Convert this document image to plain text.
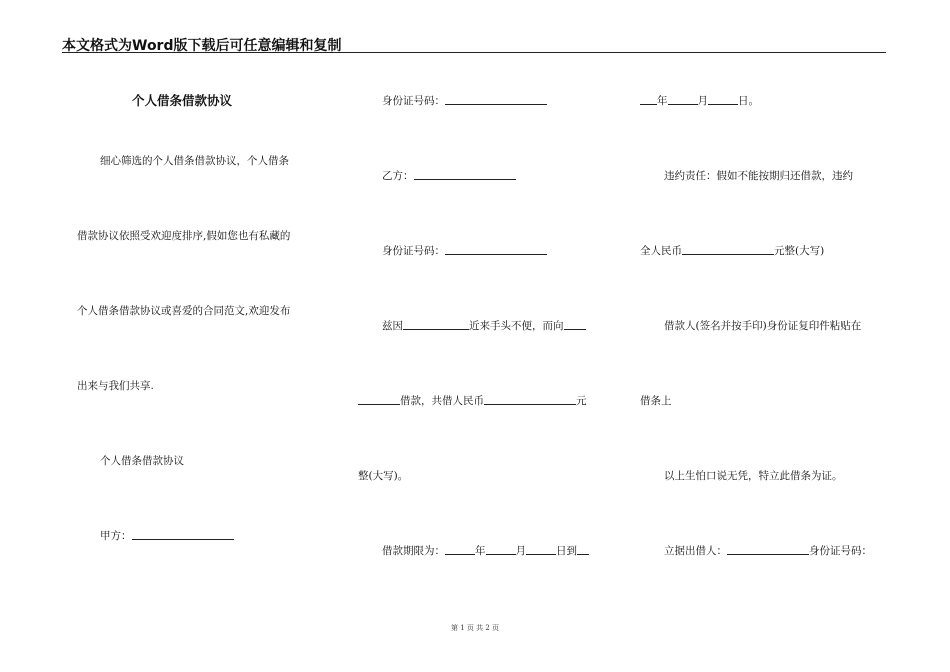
本文格式为Word版下载后可任意编辑和复制
个人借条借款协议
细心筛选的个人借条借款协议，个人借条
借款协议依照受欢迎度排序,假如您也有私藏的
个人借条借款协议或喜爱的合同范文,欢迎发布
出来与我们共享.
个人借条借款协议
甲方：
身份证号码：
乙方：
身份证号码：
兹因	近来手头不便，而向
借款，共借人民币	元
整(大写)。
借款期限为：	年	月	日到
年	月	日。
违约责任：假如不能按期归还借款，违约
全人民币	元整(大写)
借款人(签名并按手印)身份证复印件粘贴在
借条上
以上生怕口说无凭，特立此借条为证。
立据出借人：	身份证号码：
第 1 页 共 2 页
